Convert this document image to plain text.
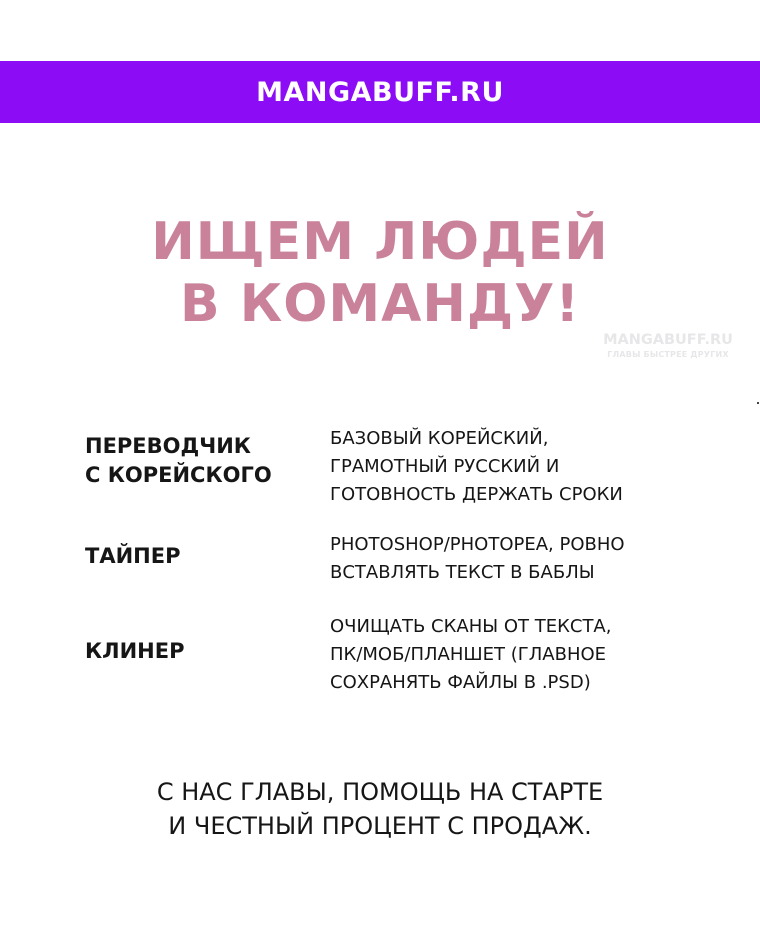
MANGABUFF.RU
ИЩЕМ ЛЮДЕЙ
В КОМАНДУ!
MANGABUFF.RU
ГЛАВЫ БЫСТРЕЕ ДРУГИХ
ПЕРЕВОДЧИК
С КОРЕЙСКОГО
БАЗОВЫЙ КОРЕЙСКИЙ,
ГРАМОТНЫЙ РУССКИЙ И
ГОТОВНОСТЬ ДЕРЖАТЬ СРОКИ
ТАЙПЕР	PHOTOSHOP/PHOTOPEA, РОВНО
ВСТАВЛЯТЬ ТЕКСТ В БАБЛЫ
КЛИНЕР
ОЧИЩАТЬ СКАНЫ ОТ ТЕКСТА,
ПК/МОБ/ПЛАНШЕТ (ГЛАВНОЕ
СОХРАНЯТЬ ФАЙЛЫ В .PSD)
С НАС ГЛАВЫ, ПОМОЩЬ НА СТАРТЕ
И ЧЕСТНЫЙ ПРОЦЕНТ С ПРОДАЖ.
